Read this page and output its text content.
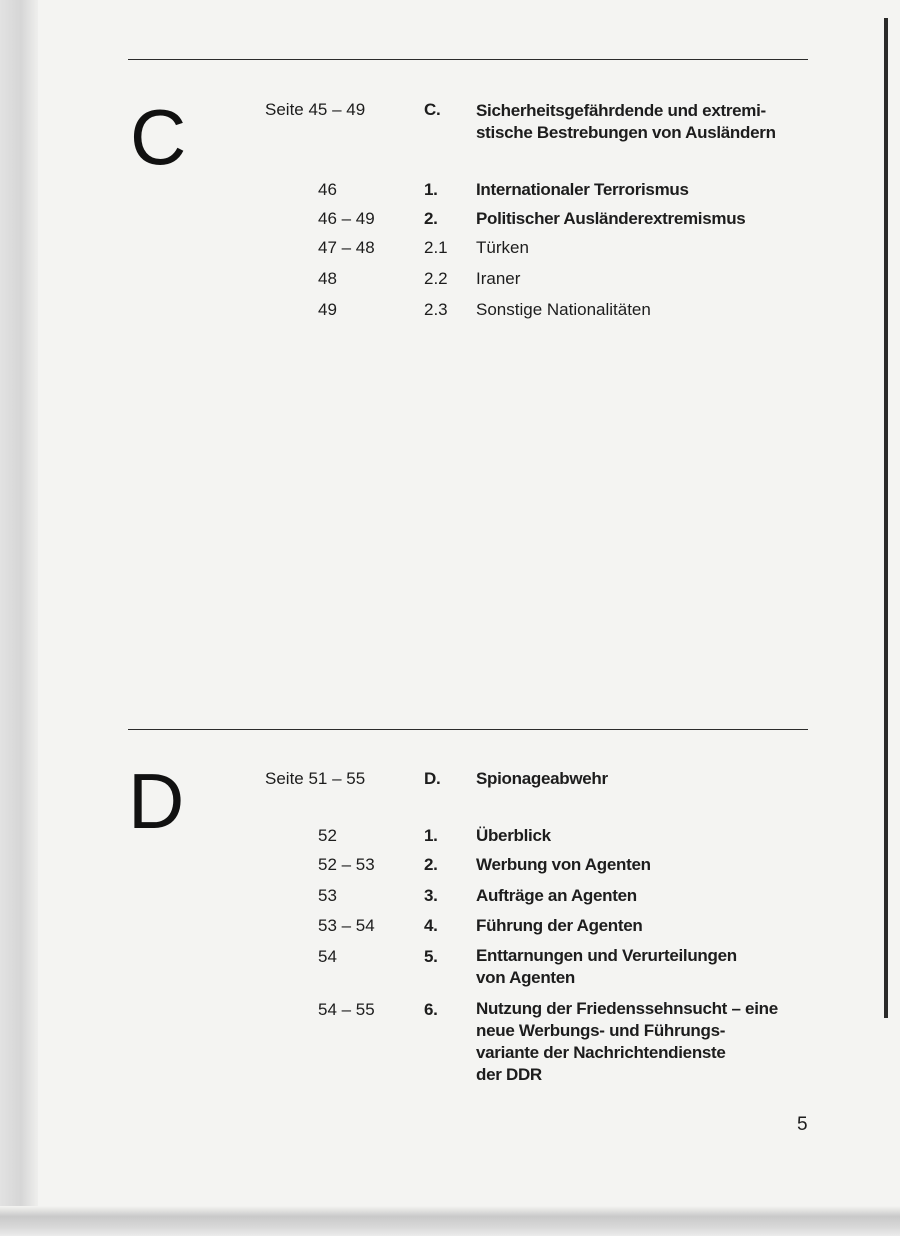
C	Seite 45 – 49	C. Sicherheitsgefährdende und extremi-
stische Bestrebungen von Ausländern
46	1. Internationaler Terrorismus
46 – 49	2. Politischer Ausländerextremismus
47 – 48	2.1 Türken
48	2.2 Iraner
49	2.3 Sonstige Nationalitäten
D	Seite 51 – 55	D. Spionageabwehr
52	1. Überblick
52 – 53	2. Werbung von Agenten
53	3. Aufträge an Agenten
53 – 54	4. Führung der Agenten
54	5. Enttarnungen und Verurteilungen
von Agenten
54 – 55	6. Nutzung der Friedenssehnsucht – eine
neue Werbungs- und Führungs-
variante der Nachrichtendienste
der DDR
5
